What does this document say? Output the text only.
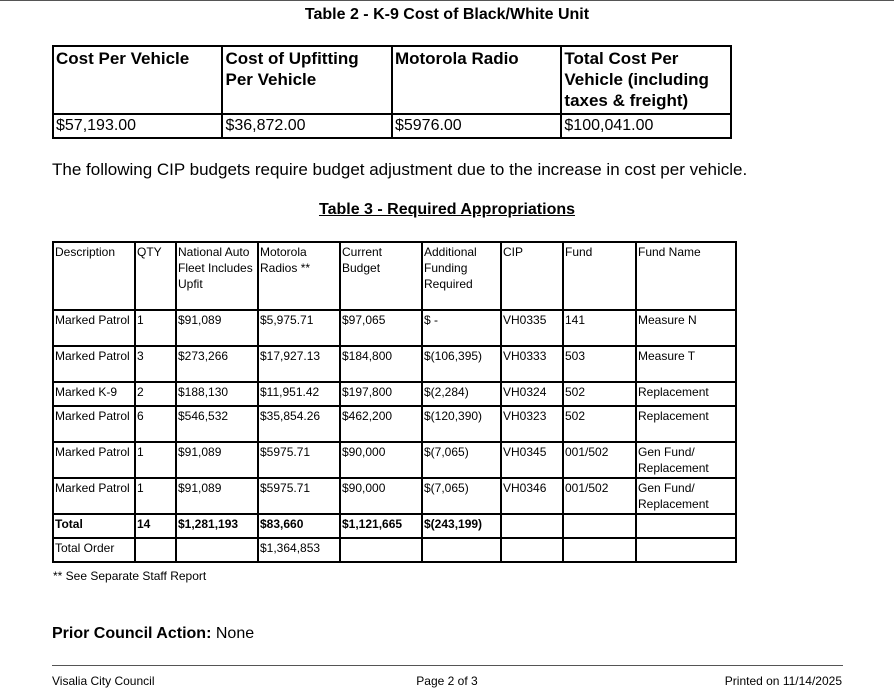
Table 2 - K-9 Cost of Black/White Unit
Cost Per Vehicle	Cost of Upfitting Per Vehicle	Motorola Radio	Total Cost Per Vehicle (including taxes & freight)
$57,193.00	$36,872.00	$5976.00	$100,041.00
The following CIP budgets require budget adjustment due to the increase in cost per vehicle.
Table 3 - Required Appropriations
Description	QTY	National Auto Fleet Includes Upfit	Motorola Radios **	Current Budget	Additional Funding Required	CIP	Fund	Fund Name
Marked Patrol	1	$91,089	$5,975.71	$97,065	$ -	VH0335	141	Measure N
Marked Patrol	3	$273,266	$17,927.13	$184,800	$(106,395)	VH0333	503	Measure T
Marked K-9	2	$188,130	$11,951.42	$197,800	$(2,284)	VH0324	502	Replacement
Marked Patrol	6	$546,532	$35,854.26	$462,200	$(120,390)	VH0323	502	Replacement
Marked Patrol	1	$91,089	$5975.71	$90,000	$(7,065)	VH0345	001/502	Gen Fund/ Replacement
Marked Patrol	1	$91,089	$5975.71	$90,000	$(7,065)	VH0346	001/502	Gen Fund/ Replacement
Total	14	$1,281,193	$83,660	$1,121,665	$(243,199)			
Total Order			$1,364,853					
** See Separate Staff Report
Prior Council Action: None
Visalia City Council	Page 2 of 3	Printed on 11/14/2025
